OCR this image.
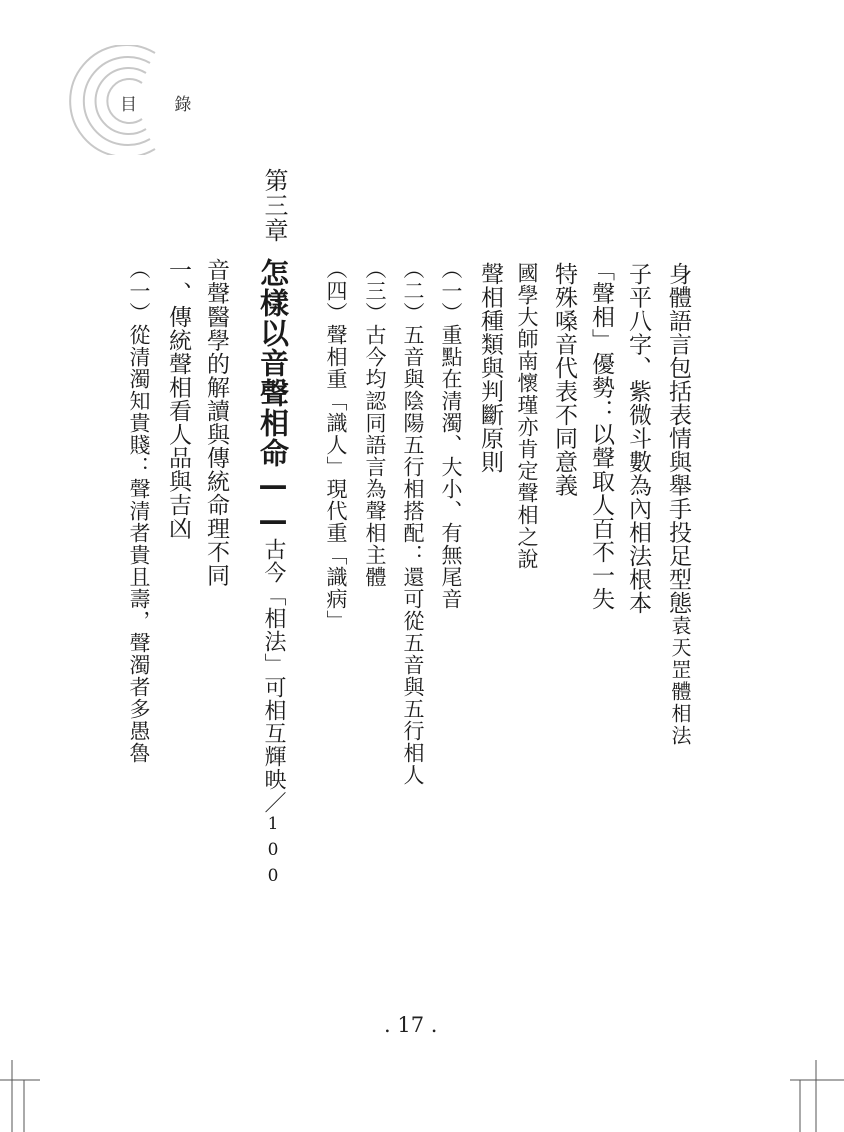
目 錄
身體語言包括表情與舉手投足型態
袁天罡體相法
子平八字、紫微斗數為內相法根本
「聲相」優勢：以聲取人百不一失
特殊嗓音代表不同意義
國學大師南懷瑾亦肯定聲相之說
聲相種類與判斷原則
（一）重點在清濁、大小、有無尾音
（二）五音與陰陽五行相搭配：還可從五音與五行相人
（三）古今均認同語言為聲相主體
（四）聲相重「識人」現代重「識病」
第三章
怎樣以音聲相命——古今「相法」可相互輝映／100
音聲醫學的解讀與傳統命理不同
一、傳統聲相看人品與吉凶
（一）從清濁知貴賤：聲清者貴且壽，聲濁者多愚魯
. 17 .
